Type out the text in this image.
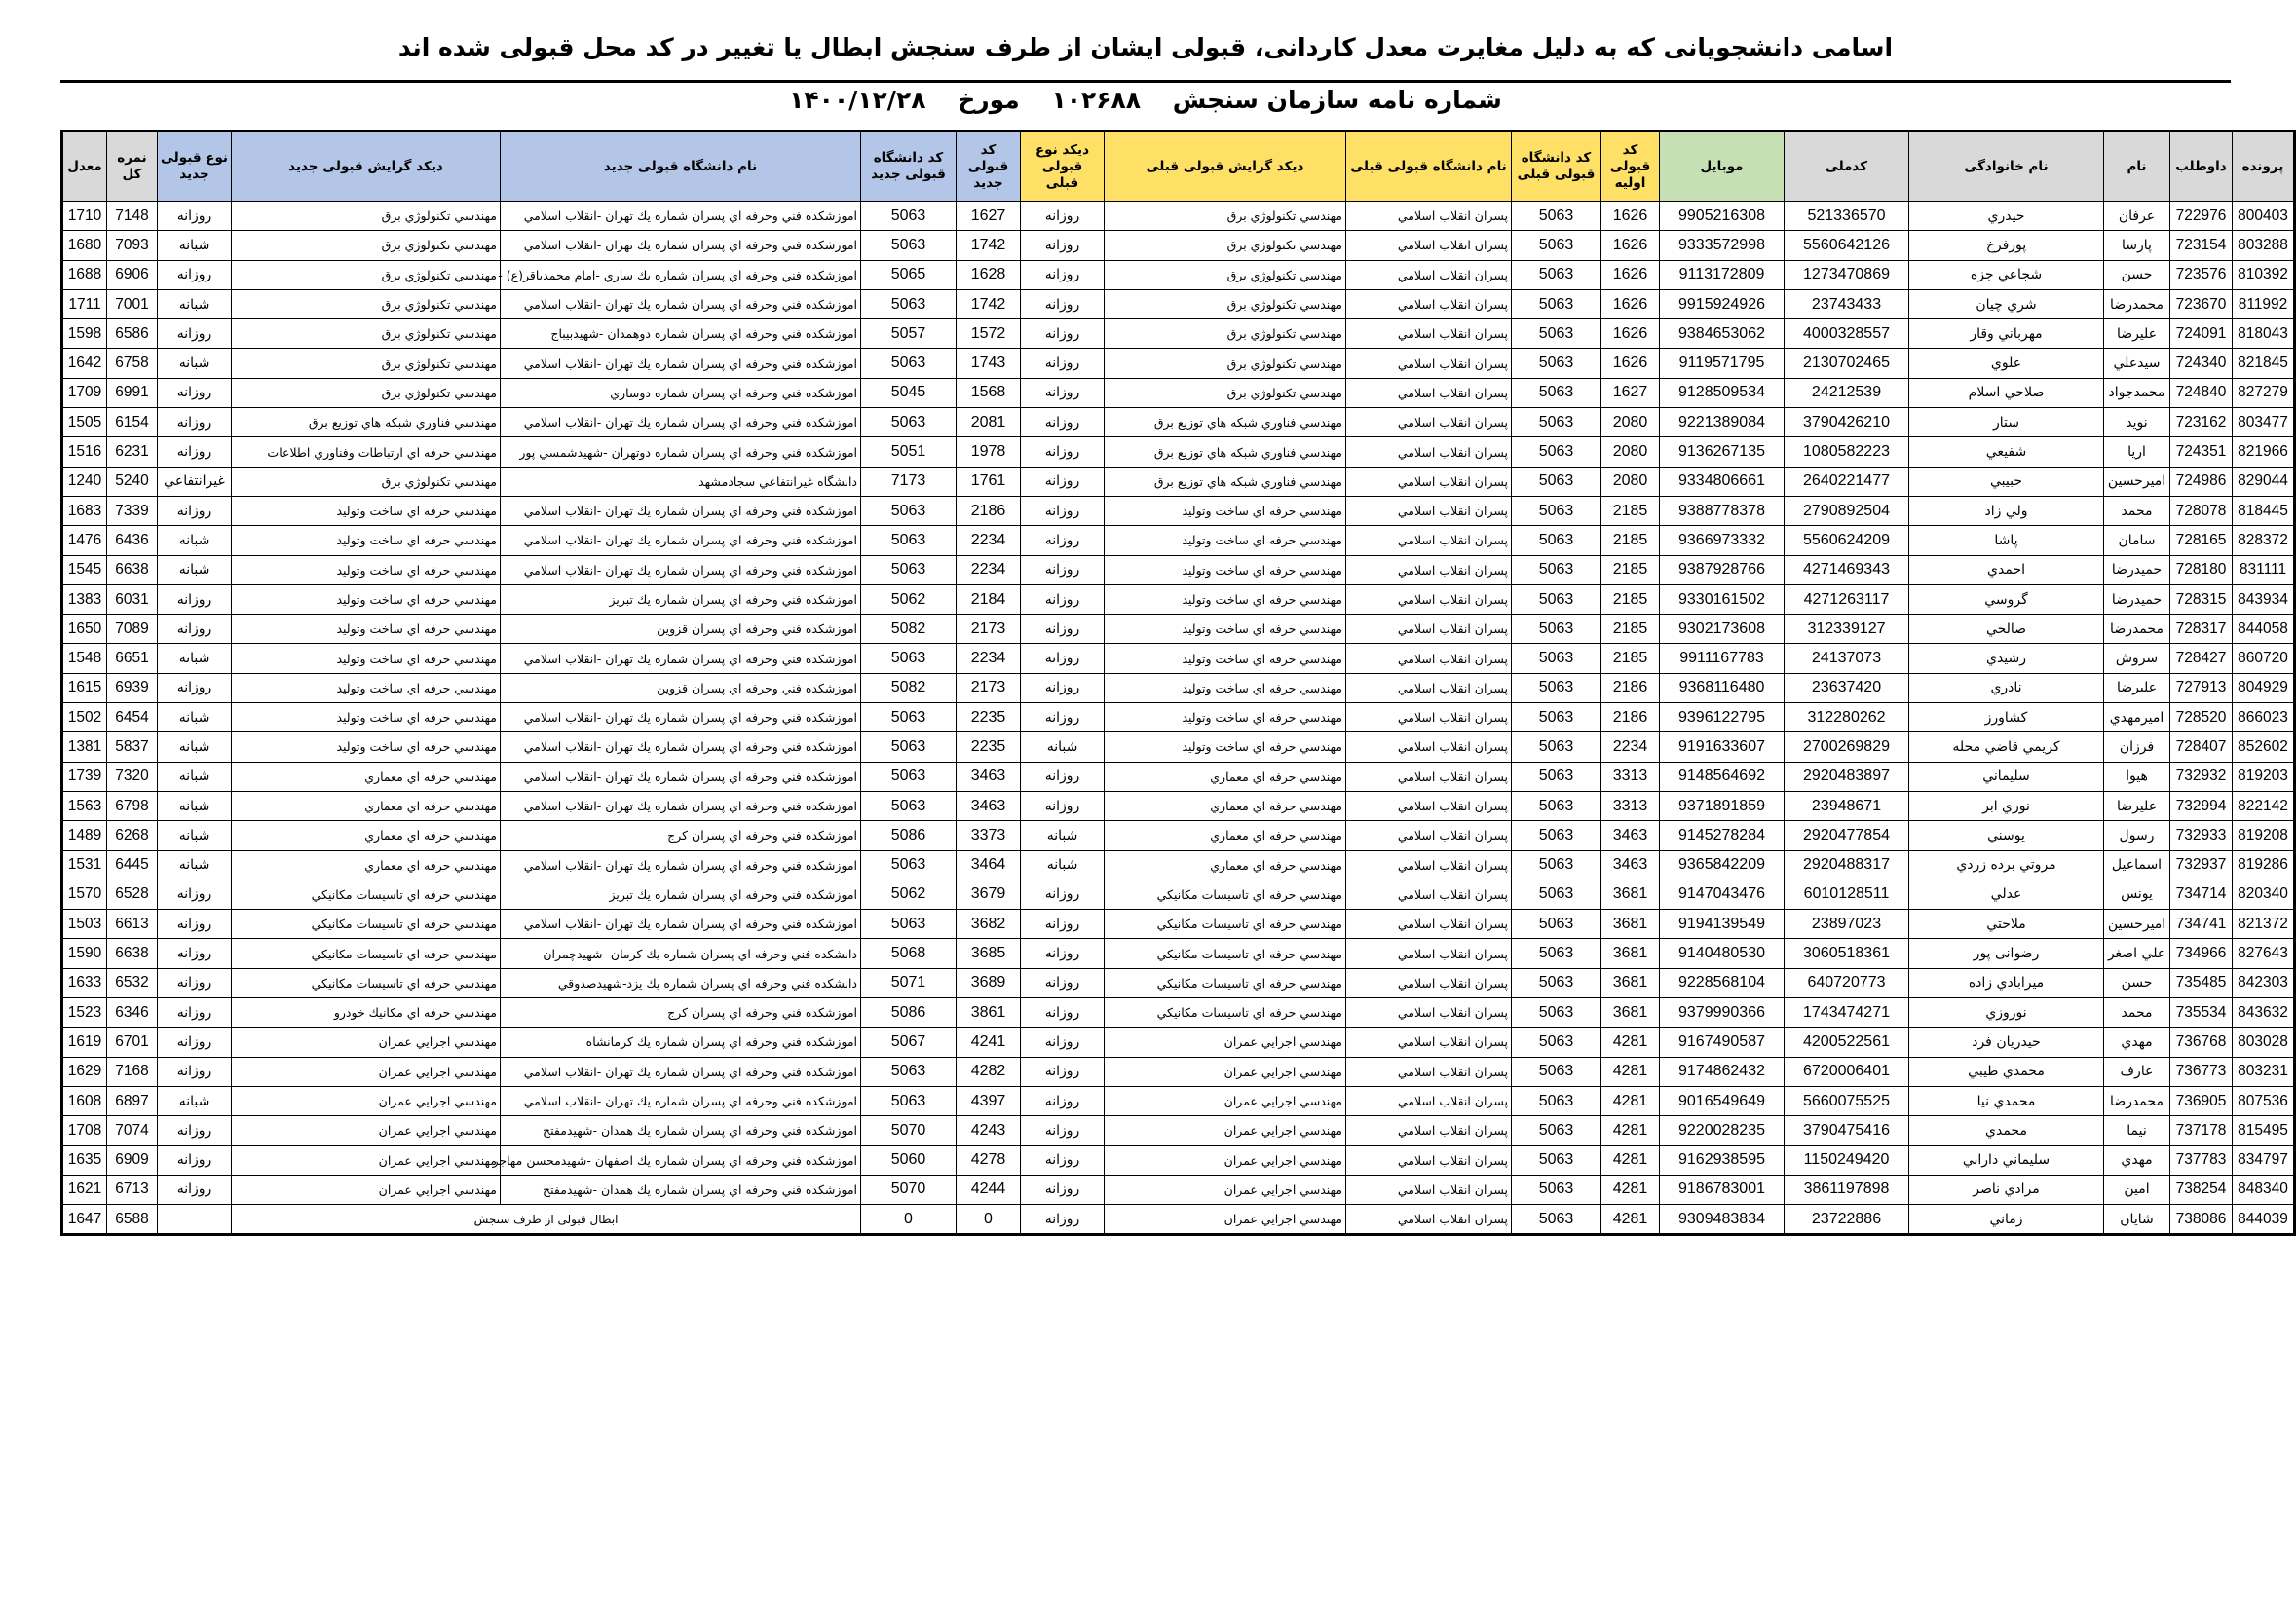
اسامی دانشجویانی که به دلیل مغایرت معدل کاردانی، قبولی ایشان از طرف سنجش ابطال یا تغییر در کد محل قبولی شده اند
شماره نامه سازمان سنجش ۱۰۲۶۸۸ مورخ ۱۴۰۰/۱۲/۲۸
پرونده	داوطلب	نام	نام خانوادگی	کدملی	موبایل	کد قبولی اولیه	کد دانشگاه قبولی قبلی	نام دانشگاه قبولی قبلی	دیکد گرایش قبولی قبلی	دیکد نوع قبولی قبلی	کد قبولی جدید	کد دانشگاه قبولی جدید	نام دانشگاه قبولی جدید	دیکد گرایش قبولی جدید	نوع قبولی جدید	نمره کل	معدل
800403	722976	عرفان	حيدري	521336570	9905216308	1626	5063	پسران انقلاب اسلامي	مهندسي تكنولوژي برق	روزانه	1627	5063	اموزشكده فني وحرفه اي پسران شماره يك تهران -انقلاب اسلامي	مهندسي تكنولوژي برق	روزانه	7148	1710
803288	723154	پارسا	پورفرخ	5560642126	9333572998	1626	5063	پسران انقلاب اسلامي	مهندسي تكنولوژي برق	روزانه	1742	5063	اموزشكده فني وحرفه اي پسران شماره يك تهران -انقلاب اسلامي	مهندسي تكنولوژي برق	شبانه	7093	1680
810392	723576	حسن	شجاعي جزه	1273470869	9113172809	1626	5063	پسران انقلاب اسلامي	مهندسي تكنولوژي برق	روزانه	1628	5065	اموزشكده فني وحرفه اي پسران شماره يك ساري -امام محمدباقر(ع) -	مهندسي تكنولوژي برق	روزانه	6906	1688
811992	723670	محمدرضا	شري چيان	23743433	9915924926	1626	5063	پسران انقلاب اسلامي	مهندسي تكنولوژي برق	روزانه	1742	5063	اموزشكده فني وحرفه اي پسران شماره يك تهران -انقلاب اسلامي	مهندسي تكنولوژي برق	شبانه	7001	1711
818043	724091	عليرضا	مهرباني وقار	4000328557	9384653062	1626	5063	پسران انقلاب اسلامي	مهندسي تكنولوژي برق	روزانه	1572	5057	اموزشكده فني وحرفه اي پسران شماره دوهمدان -شهيدبيباج	مهندسي تكنولوژي برق	روزانه	6586	1598
821845	724340	سيدعلي	علوي	2130702465	9119571795	1626	5063	پسران انقلاب اسلامي	مهندسي تكنولوژي برق	روزانه	1743	5063	اموزشكده فني وحرفه اي پسران شماره يك تهران -انقلاب اسلامي	مهندسي تكنولوژي برق	شبانه	6758	1642
827279	724840	محمدجواد	صلاحي اسلام	24212539	9128509534	1627	5063	پسران انقلاب اسلامي	مهندسي تكنولوژي برق	روزانه	1568	5045	اموزشكده فني وحرفه اي پسران شماره دوساري	مهندسي تكنولوژي برق	روزانه	6991	1709
803477	723162	نويد	ستار	3790426210	9221389084	2080	5063	پسران انقلاب اسلامي	مهندسي فناوري شبكه هاي توزيع برق	روزانه	2081	5063	اموزشكده فني وحرفه اي پسران شماره يك تهران -انقلاب اسلامي	مهندسي فناوري شبكه هاي توزيع برق	روزانه	6154	1505
821966	724351	اريا	شفيعي	1080582223	9136267135	2080	5063	پسران انقلاب اسلامي	مهندسي فناوري شبكه هاي توزيع برق	روزانه	1978	5051	اموزشكده فني وحرفه اي پسران شماره دوتهران -شهيدشمسي پور	مهندسي حرفه اي ارتباطات وفناوري اطلاعات	روزانه	6231	1516
829044	724986	اميرحسين	حبيبي	2640221477	9334806661	2080	5063	پسران انقلاب اسلامي	مهندسي فناوري شبكه هاي توزيع برق	روزانه	1761	7173	دانشگاه غيرانتفاعي سجادمشهد	مهندسي تكنولوژي برق	غيرانتفاعي	5240	1240
818445	728078	محمد	ولي زاد	2790892504	9388778378	2185	5063	پسران انقلاب اسلامي	مهندسي حرفه اي ساخت وتوليد	روزانه	2186	5063	اموزشكده فني وحرفه اي پسران شماره يك تهران -انقلاب اسلامي	مهندسي حرفه اي ساخت وتوليد	روزانه	7339	1683
828372	728165	سامان	پاشا	5560624209	9366973332	2185	5063	پسران انقلاب اسلامي	مهندسي حرفه اي ساخت وتوليد	روزانه	2234	5063	اموزشكده فني وحرفه اي پسران شماره يك تهران -انقلاب اسلامي	مهندسي حرفه اي ساخت وتوليد	شبانه	6436	1476
831111	728180	حميدرضا	احمدي	4271469343	9387928766	2185	5063	پسران انقلاب اسلامي	مهندسي حرفه اي ساخت وتوليد	روزانه	2234	5063	اموزشكده فني وحرفه اي پسران شماره يك تهران -انقلاب اسلامي	مهندسي حرفه اي ساخت وتوليد	شبانه	6638	1545
843934	728315	حميدرضا	گروسي	4271263117	9330161502	2185	5063	پسران انقلاب اسلامي	مهندسي حرفه اي ساخت وتوليد	روزانه	2184	5062	اموزشكده فني وحرفه اي پسران شماره يك تبريز	مهندسي حرفه اي ساخت وتوليد	روزانه	6031	1383
844058	728317	محمدرضا	صالحي	312339127	9302173608	2185	5063	پسران انقلاب اسلامي	مهندسي حرفه اي ساخت وتوليد	روزانه	2173	5082	اموزشكده فني وحرفه اي پسران قزوين	مهندسي حرفه اي ساخت وتوليد	روزانه	7089	1650
860720	728427	سروش	رشيدي	24137073	9911167783	2185	5063	پسران انقلاب اسلامي	مهندسي حرفه اي ساخت وتوليد	روزانه	2234	5063	اموزشكده فني وحرفه اي پسران شماره يك تهران -انقلاب اسلامي	مهندسي حرفه اي ساخت وتوليد	شبانه	6651	1548
804929	727913	عليرضا	نادري	23637420	9368116480	2186	5063	پسران انقلاب اسلامي	مهندسي حرفه اي ساخت وتوليد	روزانه	2173	5082	اموزشكده فني وحرفه اي پسران قزوين	مهندسي حرفه اي ساخت وتوليد	روزانه	6939	1615
866023	728520	اميرمهدي	كشاورز	312280262	9396122795	2186	5063	پسران انقلاب اسلامي	مهندسي حرفه اي ساخت وتوليد	روزانه	2235	5063	اموزشكده فني وحرفه اي پسران شماره يك تهران -انقلاب اسلامي	مهندسي حرفه اي ساخت وتوليد	شبانه	6454	1502
852602	728407	فرزان	كريمي قاضي محله	2700269829	9191633607	2234	5063	پسران انقلاب اسلامي	مهندسي حرفه اي ساخت وتوليد	شبانه	2235	5063	اموزشكده فني وحرفه اي پسران شماره يك تهران -انقلاب اسلامي	مهندسي حرفه اي ساخت وتوليد	شبانه	5837	1381
819203	732932	هيوا	سليماني	2920483897	9148564692	3313	5063	پسران انقلاب اسلامي	مهندسي حرفه اي معماري	روزانه	3463	5063	اموزشكده فني وحرفه اي پسران شماره يك تهران -انقلاب اسلامي	مهندسي حرفه اي معماري	شبانه	7320	1739
822142	732994	عليرضا	نوري ابر	23948671	9371891859	3313	5063	پسران انقلاب اسلامي	مهندسي حرفه اي معماري	روزانه	3463	5063	اموزشكده فني وحرفه اي پسران شماره يك تهران -انقلاب اسلامي	مهندسي حرفه اي معماري	شبانه	6798	1563
819208	732933	رسول	يوسني	2920477854	9145278284	3463	5063	پسران انقلاب اسلامي	مهندسي حرفه اي معماري	شبانه	3373	5086	اموزشكده فني وحرفه اي پسران كرج	مهندسي حرفه اي معماري	شبانه	6268	1489
819286	732937	اسماعيل	مروتي برده زردي	2920488317	9365842209	3463	5063	پسران انقلاب اسلامي	مهندسي حرفه اي معماري	شبانه	3464	5063	اموزشكده فني وحرفه اي پسران شماره يك تهران -انقلاب اسلامي	مهندسي حرفه اي معماري	شبانه	6445	1531
820340	734714	يونس	عدلي	6010128511	9147043476	3681	5063	پسران انقلاب اسلامي	مهندسي حرفه اي تاسيسات مكانيكي	روزانه	3679	5062	اموزشكده فني وحرفه اي پسران شماره يك تبريز	مهندسي حرفه اي تاسيسات مكانيكي	روزانه	6528	1570
821372	734741	اميرحسين	ملاحتي	23897023	9194139549	3681	5063	پسران انقلاب اسلامي	مهندسي حرفه اي تاسيسات مكانيكي	روزانه	3682	5063	اموزشكده فني وحرفه اي پسران شماره يك تهران -انقلاب اسلامي	مهندسي حرفه اي تاسيسات مكانيكي	روزانه	6613	1503
827643	734966	علي اصغر	رضوانى پور	3060518361	9140480530	3681	5063	پسران انقلاب اسلامي	مهندسي حرفه اي تاسيسات مكانيكي	روزانه	3685	5068	دانشكده فني وحرفه اي پسران شماره يك كرمان -شهيدچمران	مهندسي حرفه اي تاسيسات مكانيكي	روزانه	6638	1590
842303	735485	حسن	ميرابادي زاده	640720773	9228568104	3681	5063	پسران انقلاب اسلامي	مهندسي حرفه اي تاسيسات مكانيكي	روزانه	3689	5071	دانشكده فني وحرفه اي پسران شماره يك يزد-شهيدصدوقي	مهندسي حرفه اي تاسيسات مكانيكي	روزانه	6532	1633
843632	735534	محمد	نوروزي	1743474271	9379990366	3681	5063	پسران انقلاب اسلامي	مهندسي حرفه اي تاسيسات مكانيكي	روزانه	3861	5086	اموزشكده فني وحرفه اي پسران كرج	مهندسي حرفه اي مكانيك خودرو	روزانه	6346	1523
803028	736768	مهدي	حيدريان فرد	4200522561	9167490587	4281	5063	پسران انقلاب اسلامي	مهندسي اجرايي عمران	روزانه	4241	5067	اموزشكده فني وحرفه اي پسران شماره يك كرمانشاه	مهندسي اجرايي عمران	روزانه	6701	1619
803231	736773	عارف	محمدي طيبي	6720006401	9174862432	4281	5063	پسران انقلاب اسلامي	مهندسي اجرايي عمران	روزانه	4282	5063	اموزشكده فني وحرفه اي پسران شماره يك تهران -انقلاب اسلامي	مهندسي اجرايي عمران	روزانه	7168	1629
807536	736905	محمدرضا	محمدي نيا	5660075525	9016549649	4281	5063	پسران انقلاب اسلامي	مهندسي اجرايي عمران	روزانه	4397	5063	اموزشكده فني وحرفه اي پسران شماره يك تهران -انقلاب اسلامي	مهندسي اجرايي عمران	شبانه	6897	1608
815495	737178	نيما	محمدي	3790475416	9220028235	4281	5063	پسران انقلاب اسلامي	مهندسي اجرايي عمران	روزانه	4243	5070	اموزشكده فني وحرفه اي پسران شماره يك همدان -شهيدمفتح	مهندسي اجرايي عمران	روزانه	7074	1708
834797	737783	مهدي	سليماني داراني	1150249420	9162938595	4281	5063	پسران انقلاب اسلامي	مهندسي اجرايي عمران	روزانه	4278	5060	اموزشكده فني وحرفه اي پسران شماره يك اصفهان -شهيدمحسن مهاجر	مهندسي اجرايي عمران	روزانه	6909	1635
848340	738254	امين	مرادي ناصر	3861197898	9186783001	4281	5063	پسران انقلاب اسلامي	مهندسي اجرايي عمران	روزانه	4244	5070	اموزشكده فني وحرفه اي پسران شماره يك همدان -شهيدمفتح	مهندسي اجرايي عمران	روزانه	6713	1621
844039	738086	شايان	زماني	23722886	9309483834	4281	5063	پسران انقلاب اسلامي	مهندسي اجرايي عمران	روزانه	0	0	ابطال قبولی از طرف سنجش			6588	1647
